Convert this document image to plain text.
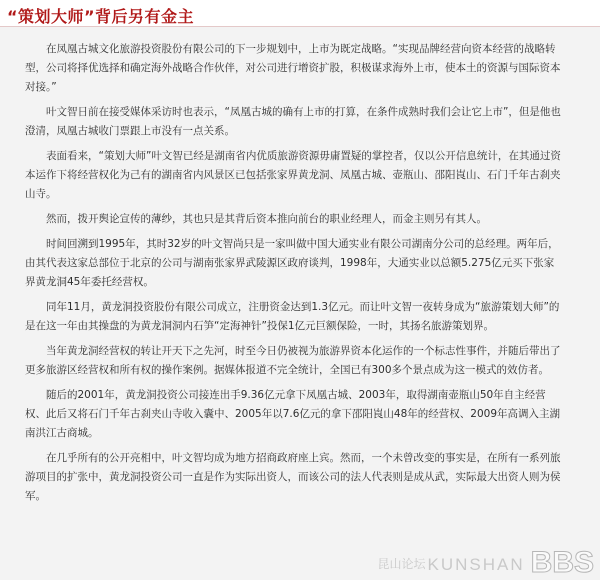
“策划大师”背后另有金主

在凤凰古城文化旅游投资股份有限公司的下一步规划中，上市为既定战略。“实现品牌经营向资本经营的战略转型，公司将择优选择和确定海外战略合作伙伴，对公司进行增资扩股，积极谋求海外上市，使本土的资源与国际资本对接。”

叶文智日前在接受媒体采访时也表示，“凤凰古城的确有上市的打算，在条件成熟时我们会让它上市”，但是他也澄清，凤凰古城收门票跟上市没有一点关系。

表面看来，“策划大师”叶文智已经是湖南省内优质旅游资源毋庸置疑的掌控者，仅以公开信息统计，在其通过资本运作下将经营权化为己有的湖南省内风景区已包括张家界黄龙洞、凤凰古城、壶瓶山、邵阳崀山、石门千年古刹夹山寺。

然而，拨开舆论宣传的薄纱，其也只是其背后资本推向前台的职业经理人，而金主则另有其人。

时间回溯到1995年，其时32岁的叶文智尚只是一家叫做中国大通实业有限公司湖南分公司的总经理。两年后，由其代表这家总部位于北京的公司与湖南张家界武陵源区政府谈判，1998年，大通实业以总额5.275亿元买下张家界黄龙洞45年委托经营权。

同年11月，黄龙洞投资股份有限公司成立，注册资金达到1.3亿元。而让叶文智一夜转身成为“旅游策划大师”的是在这一年由其操盘的为黄龙洞洞内石笋“定海神针”投保1亿元巨额保险，一时，其扬名旅游策划界。

当年黄龙洞经营权的转让开天下之先河，时至今日仍被视为旅游界资本化运作的一个标志性事件，并随后带出了更多旅游区经营权和所有权的操作案例。据媒体报道不完全统计，全国已有300多个景点成为这一模式的效仿者。

随后的2001年，黄龙洞投资公司接连出手9.36亿元拿下凤凰古城、2003年，取得湖南壶瓶山50年自主经营权、此后又将石门千年古刹夹山寺收入囊中、2005年以7.6亿元的拿下邵阳崀山48年的经营权、2009年高调入主湖南洪江古商城。

在几乎所有的公开亮相中，叶文智均成为地方招商政府座上宾。然而，一个未曾改变的事实是，在所有一系列旅游项目的扩张中，黄龙洞投资公司一直是作为实际出资人，而该公司的法人代表则是成从武，实际最大出资人则为侯军。

昆山论坛 KUNSHAN BBS
